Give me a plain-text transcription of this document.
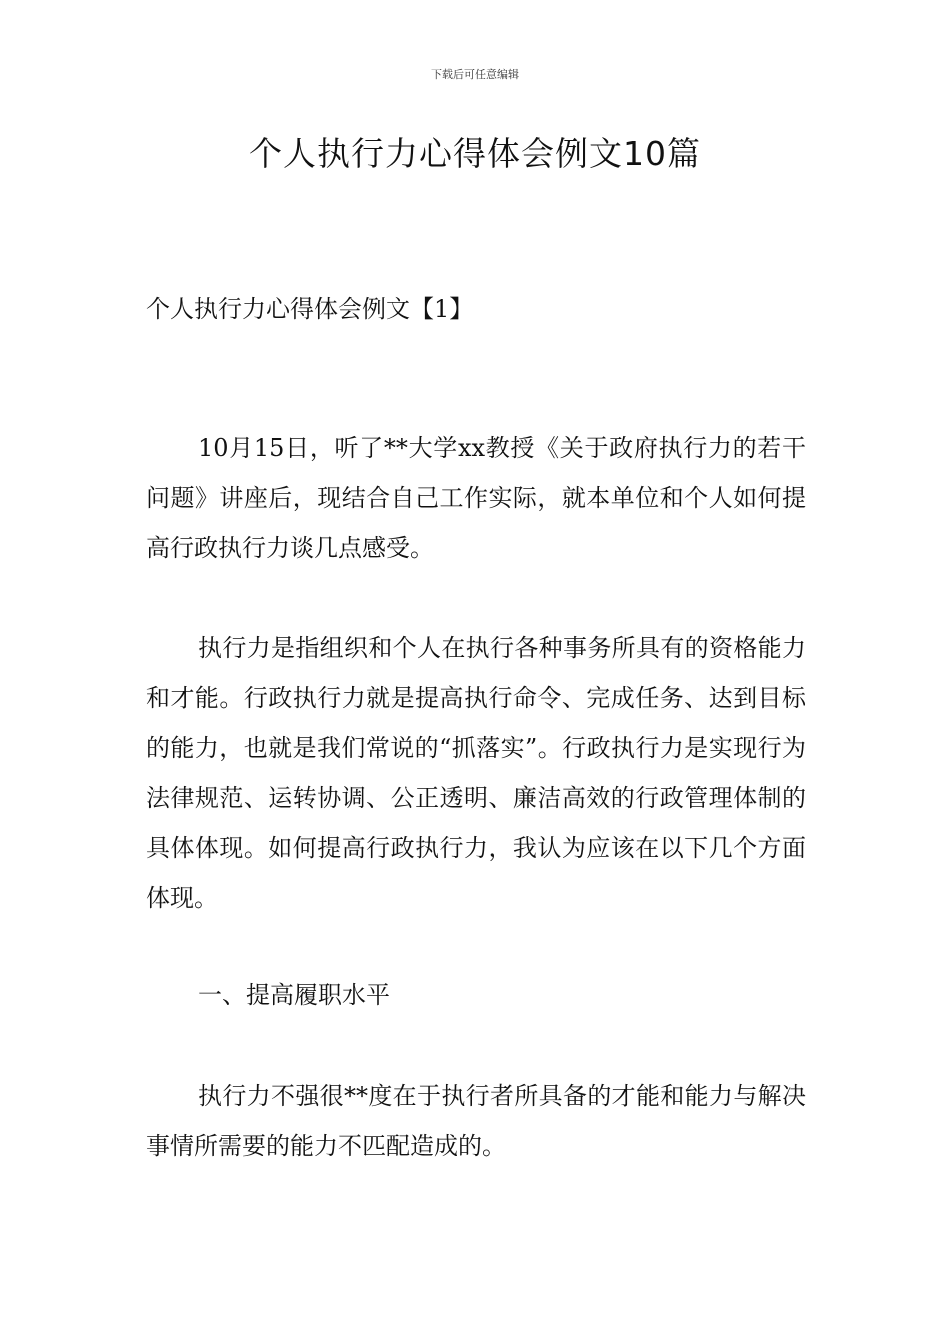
下载后可任意编辑
个人执行力心得体会例文10篇

个人执行力心得体会例文【1】

10月15日，听了**大学xx教授《关于政府执行力的若干问题》讲座后，现结合自己工作实际，就本单位和个人如何提高行政执行力谈几点感受。

执行力是指组织和个人在执行各种事务所具有的资格能力和才能。行政执行力就是提高执行命令、完成任务、达到目标的能力，也就是我们常说的“抓落实”。行政执行力是实现行为法律规范、运转协调、公正透明、廉洁高效的行政管理体制的具体体现。如何提高行政执行力，我认为应该在以下几个方面体现。

一、提高履职水平

执行力不强很**度在于执行者所具备的才能和能力与解决事情所需要的能力不匹配造成的。
